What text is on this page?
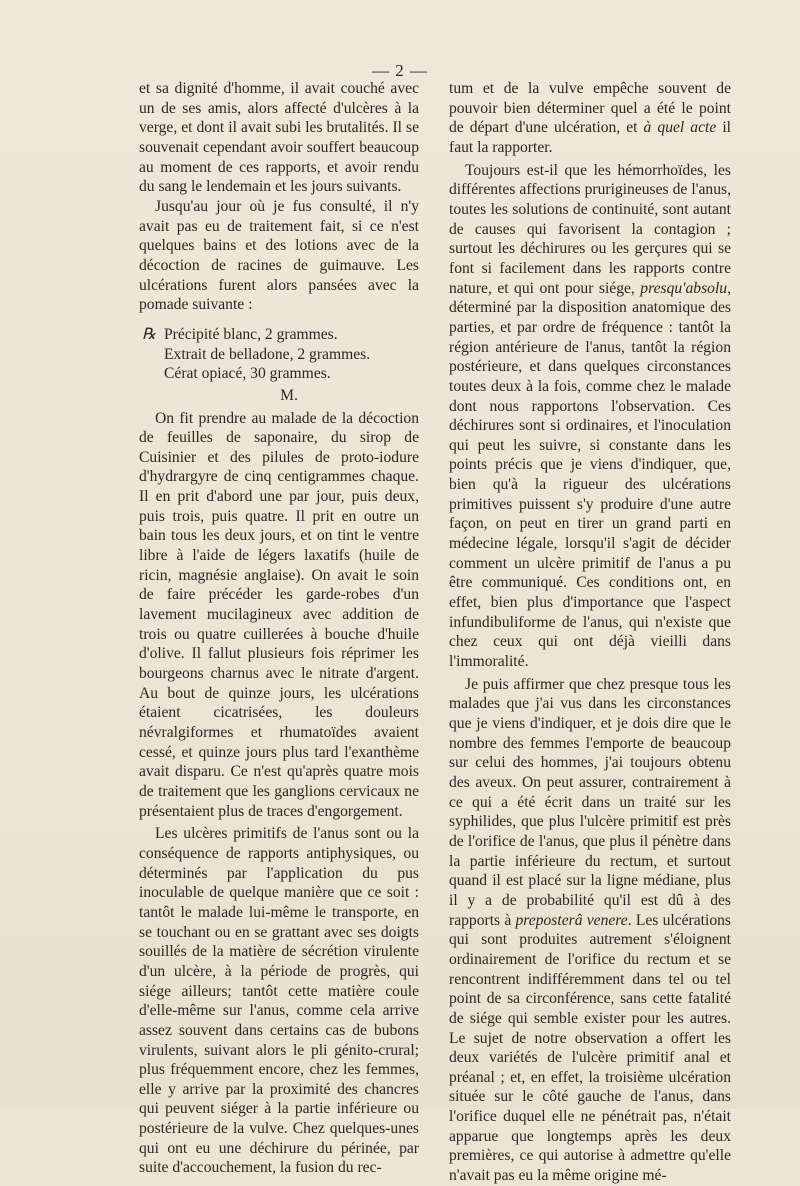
— 2 —

et sa dignité d'homme, il avait couché avec un de ses amis, alors affecté d'ulcères à la verge, et dont il avait subi les brutalités. Il se souvenait cependant avoir souffert beaucoup au moment de ces rapports, et avoir rendu du sang le lendemain et les jours suivants.

Jusqu'au jour où je fus consulté, il n'y avait pas eu de traitement fait, si ce n'est quelques bains et des lotions avec de la décoction de racines de guimauve. Les ulcérations furent alors pansées avec la pomade suivante :

℞ Précipité blanc, 2 grammes.
Extrait de belladone, 2 grammes.
Cérat opiacé, 30 grammes.
M.

On fit prendre au malade de la décoction de feuilles de saponaire, du sirop de Cuisinier et des pilules de proto-iodure d'hydrargyre de cinq centigrammes chaque. Il en prit d'abord une par jour, puis deux, puis trois, puis quatre. Il prit en outre un bain tous les deux jours, et on tint le ventre libre à l'aide de légers laxatifs (huile de ricin, magnésie anglaise). On avait le soin de faire précéder les garde-robes d'un lavement mucilagineux avec addition de trois ou quatre cuillerées à bouche d'huile d'olive. Il fallut plusieurs fois réprimer les bourgeons charnus avec le nitrate d'argent. Au bout de quinze jours, les ulcérations étaient cicatrisées, les douleurs névralgiformes et rhumatoïdes avaient cessé, et quinze jours plus tard l'exanthème avait disparu. Ce n'est qu'après quatre mois de traitement que les ganglions cervicaux ne présentaient plus de traces d'engorgement.

Les ulcères primitifs de l'anus sont ou la conséquence de rapports antiphysiques, ou déterminés par l'application du pus inoculable de quelque manière que ce soit : tantôt le malade lui-même le transporte, en se touchant ou en se grattant avec ses doigts souillés de la matière de sécrétion virulente d'un ulcère, à la période de progrès, qui siége ailleurs; tantôt cette matière coule d'elle-même sur l'anus, comme cela arrive assez souvent dans certains cas de bubons virulents, suivant alors le pli génito-crural; plus fréquemment encore, chez les femmes, elle y arrive par la proximité des chancres qui peuvent siéger à la partie inférieure ou postérieure de la vulve. Chez quelques-unes qui ont eu une déchirure du périnée, par suite d'accouchement, la fusion du rec-

tum et de la vulve empêche souvent de pouvoir bien déterminer quel a été le point de départ d'une ulcération, et à quel acte il faut la rapporter.

Toujours est-il que les hémorrhoïdes, les différentes affections prurigineuses de l'anus, toutes les solutions de continuité, sont autant de causes qui favorisent la contagion ; surtout les déchirures ou les gerçures qui se font si facilement dans les rapports contre nature, et qui ont pour siége, presqu'absolu, déterminé par la disposition anatomique des parties, et par ordre de fréquence : tantôt la région antérieure de l'anus, tantôt la région postérieure, et dans quelques circonstances toutes deux à la fois, comme chez le malade dont nous rapportons l'observation. Ces déchirures sont si ordinaires, et l'inoculation qui peut les suivre, si constante dans les points précis que je viens d'indiquer, que, bien qu'à la rigueur des ulcérations primitives puissent s'y produire d'une autre façon, on peut en tirer un grand parti en médecine légale, lorsqu'il s'agit de décider comment un ulcère primitif de l'anus a pu être communiqué. Ces conditions ont, en effet, bien plus d'importance que l'aspect infundibuliforme de l'anus, qui n'existe que chez ceux qui ont déjà vieilli dans l'immoralité.

Je puis affirmer que chez presque tous les malades que j'ai vus dans les circonstances que je viens d'indiquer, et je dois dire que le nombre des femmes l'emporte de beaucoup sur celui des hommes, j'ai toujours obtenu des aveux. On peut assurer, contrairement à ce qui a été écrit dans un traité sur les syphilides, que plus l'ulcère primitif est près de l'orifice de l'anus, que plus il pénètre dans la partie inférieure du rectum, et surtout quand il est placé sur la ligne médiane, plus il y a de probabilité qu'il est dû à des rapports à preposterâ venere. Les ulcérations qui sont produites autrement s'éloignent ordinairement de l'orifice du rectum et se rencontrent indifféremment dans tel ou tel point de sa circonférence, sans cette fatalité de siége qui semble exister pour les autres. Le sujet de notre observation a offert les deux variétés de l'ulcère primitif anal et préanal ; et, en effet, la troisième ulcération située sur le côté gauche de l'anus, dans l'orifice duquel elle ne pénétrait pas, n'était apparue que longtemps après les deux premières, ce qui autorise à admettre qu'elle n'avait pas eu la même origine mé-
